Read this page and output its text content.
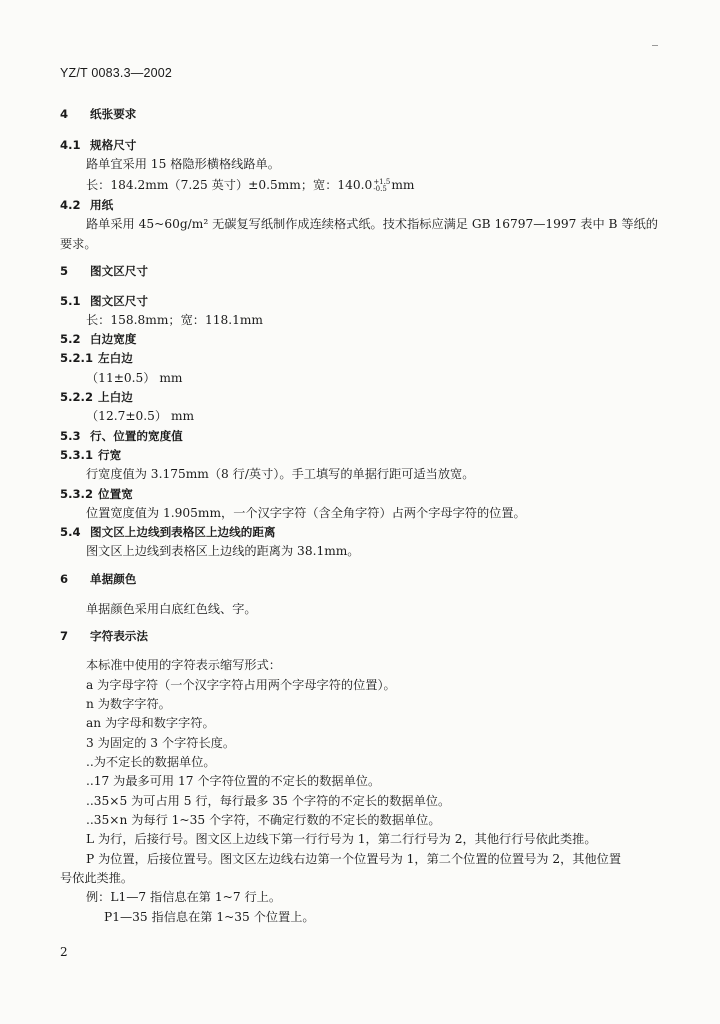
YZ/T 0083.3—2002
4 纸张要求
4.1 规格尺寸
路单宜采用 15 格隐形横格线路单。
长：184.2mm（7.25 英寸）±0.5mm；宽：140.0 +1.5
-0.5 mm
4.2 用纸
路单采用 45~60g/m² 无碳复写纸制作成连续格式纸。技术指标应满足 GB 16797—1997 表中 B 等纸的
要求。
5 图文区尺寸
5.1 图文区尺寸
长：158.8mm；宽：118.1mm
5.2 白边宽度
5.2.1 左白边
（11±0.5） mm
5.2.2 上白边
（12.7±0.5） mm
5.3 行、位置的宽度值
5.3.1 行宽
行宽度值为 3.175mm（8 行/英寸）。手工填写的单据行距可适当放宽。
5.3.2 位置宽
位置宽度值为 1.905mm，一个汉字字符（含全角字符）占两个字母字符的位置。
5.4 图文区上边线到表格区上边线的距离
图文区上边线到表格区上边线的距离为 38.1mm。
6 单据颜色
单据颜色采用白底红色线、字。
7 字符表示法
本标准中使用的字符表示缩写形式：
a 为字母字符（一个汉字字符占用两个字母字符的位置）。
n 为数字字符。
an 为字母和数字字符。
3 为固定的 3 个字符长度。
..为不定长的数据单位。
..17 为最多可用 17 个字符位置的不定长的数据单位。
..35×5 为可占用 5 行，每行最多 35 个字符的不定长的数据单位。
..35×n 为每行 1~35 个字符，不确定行数的不定长的数据单位。
L 为行，后接行号。图文区上边线下第一行行号为 1，第二行行号为 2，其他行行号依此类推。
P 为位置，后接位置号。图文区左边线右边第一个位置号为 1，第二个位置的位置号为 2，其他位置
号依此类推。
例：L1—7 指信息在第 1~7 行上。
P1—35 指信息在第 1~35 个位置上。
2
